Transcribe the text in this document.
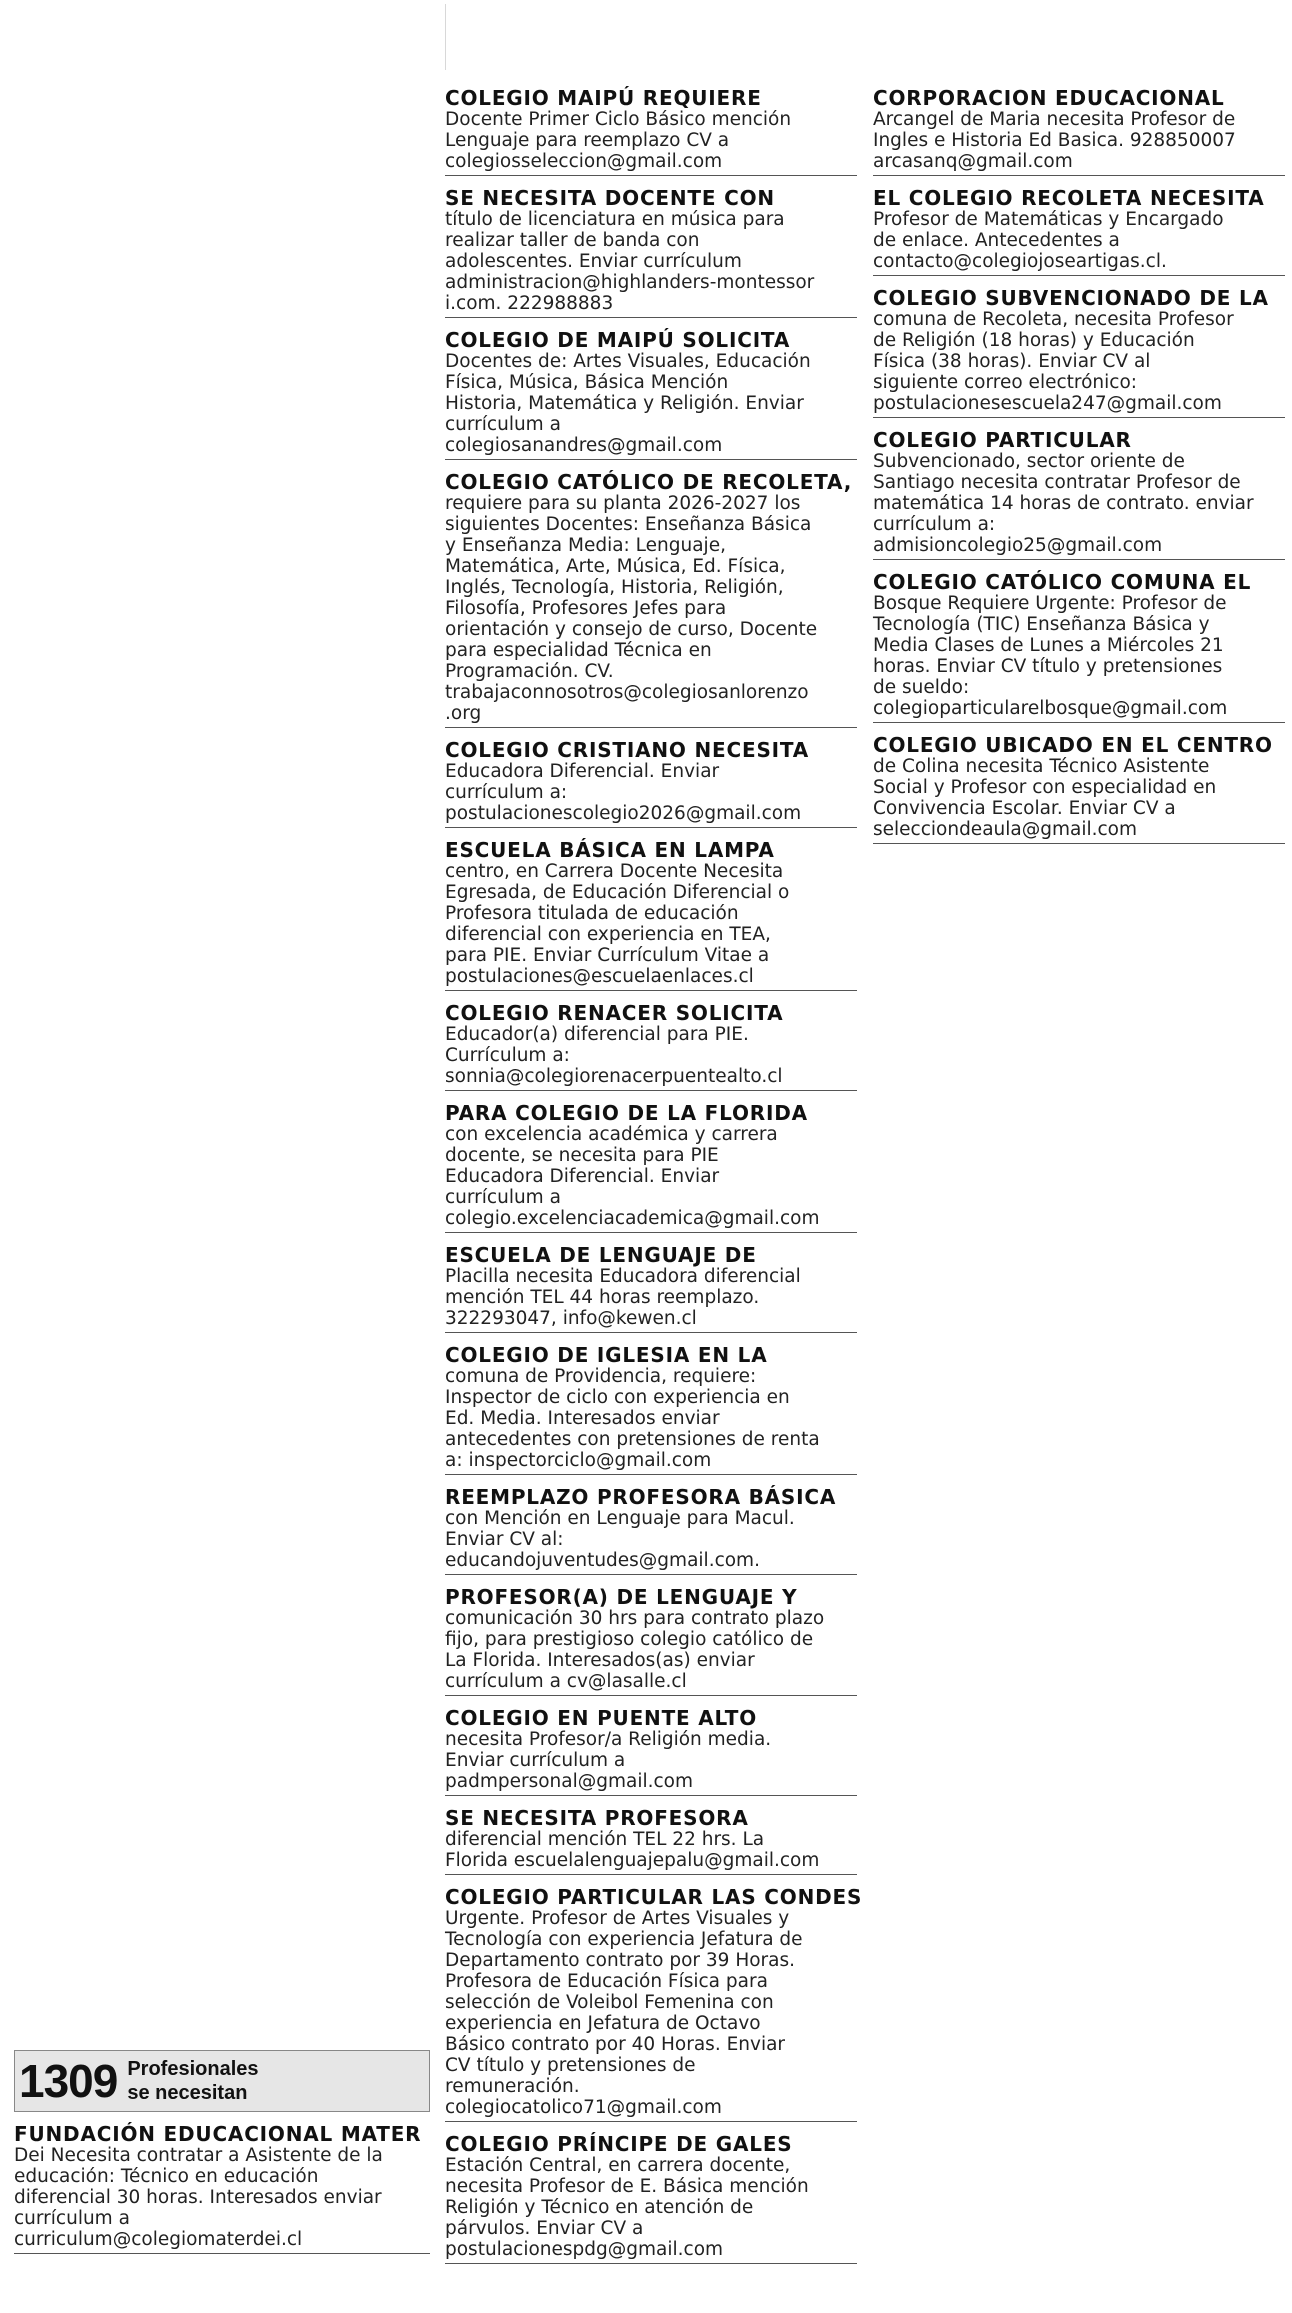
1309 Profesionales
se necesitan
FUNDACIÓN EDUCACIONAL MATER
Dei Necesita contratar a Asistente de la
educación: Técnico en educación
diferencial 30 horas. Interesados enviar
currículum a
curriculum@colegiomaterdei.cl
COLEGIO MAIPÚ REQUIERE
Docente Primer Ciclo Básico mención
Lenguaje para reemplazo CV a
colegiosseleccion@gmail.com
SE NECESITA DOCENTE CON
título de licenciatura en música para
realizar taller de banda con
adolescentes. Enviar currículum
administracion@highlanders-montessor
i.com. 222988883
COLEGIO DE MAIPÚ SOLICITA
Docentes de: Artes Visuales, Educación
Física, Música, Básica Mención
Historia, Matemática y Religión. Enviar
currículum a
colegiosanandres@gmail.com
COLEGIO CATÓLICO DE RECOLETA,
requiere para su planta 2026-2027 los
siguientes Docentes: Enseñanza Básica
y Enseñanza Media: Lenguaje,
Matemática, Arte, Música, Ed. Física,
Inglés, Tecnología, Historia, Religión,
Filosofía, Profesores Jefes para
orientación y consejo de curso, Docente
para especialidad Técnica en
Programación. CV.
trabajaconnosotros@colegiosanlorenzo
.org
COLEGIO CRISTIANO NECESITA
Educadora Diferencial. Enviar
currículum a:
postulacionescolegio2026@gmail.com
ESCUELA BÁSICA EN LAMPA
centro, en Carrera Docente Necesita
Egresada, de Educación Diferencial o
Profesora titulada de educación
diferencial con experiencia en TEA,
para PIE. Enviar Currículum Vitae a
postulaciones@escuelaenlaces.cl
COLEGIO RENACER SOLICITA
Educador(a) diferencial para PIE.
Currículum a:
sonnia@colegiorenacerpuentealto.cl
PARA COLEGIO DE LA FLORIDA
con excelencia académica y carrera
docente, se necesita para PIE
Educadora Diferencial. Enviar
currículum a
colegio.excelenciacademica@gmail.com
ESCUELA DE LENGUAJE DE
Placilla necesita Educadora diferencial
mención TEL 44 horas reemplazo.
322293047, info@kewen.cl
COLEGIO DE IGLESIA EN LA
comuna de Providencia, requiere:
Inspector de ciclo con experiencia en
Ed. Media. Interesados enviar
antecedentes con pretensiones de renta
a: inspectorciclo@gmail.com
REEMPLAZO PROFESORA BÁSICA
con Mención en Lenguaje para Macul.
Enviar CV al:
educandojuventudes@gmail.com.
PROFESOR(A) DE LENGUAJE Y
comunicación 30 hrs para contrato plazo
fijo, para prestigioso colegio católico de
La Florida. Interesados(as) enviar
currículum a cv@lasalle.cl
COLEGIO EN PUENTE ALTO
necesita Profesor/a Religión media.
Enviar currículum a
padmpersonal@gmail.com
SE NECESITA PROFESORA
diferencial mención TEL 22 hrs. La
Florida escuelalenguajepalu@gmail.com
COLEGIO PARTICULAR LAS CONDES
Urgente. Profesor de Artes Visuales y
Tecnología con experiencia Jefatura de
Departamento contrato por 39 Horas.
Profesora de Educación Física para
selección de Voleibol Femenina con
experiencia en Jefatura de Octavo
Básico contrato por 40 Horas. Enviar
CV título y pretensiones de
remuneración.
colegiocatolico71@gmail.com
COLEGIO PRÍNCIPE DE GALES
Estación Central, en carrera docente,
necesita Profesor de E. Básica mención
Religión y Técnico en atención de
párvulos. Enviar CV a
postulacionespdg@gmail.com
CORPORACION EDUCACIONAL
Arcangel de Maria necesita Profesor de
Ingles e Historia Ed Basica. 928850007
arcasanq@gmail.com
EL COLEGIO RECOLETA NECESITA
Profesor de Matemáticas y Encargado
de enlace. Antecedentes a
contacto@colegiojoseartigas.cl.
COLEGIO SUBVENCIONADO DE LA
comuna de Recoleta, necesita Profesor
de Religión (18 horas) y Educación
Física (38 horas). Enviar CV al
siguiente correo electrónico:
postulacionesescuela247@gmail.com
COLEGIO PARTICULAR
Subvencionado, sector oriente de
Santiago necesita contratar Profesor de
matemática 14 horas de contrato. enviar
currículum a:
admisioncolegio25@gmail.com
COLEGIO CATÓLICO COMUNA EL
Bosque Requiere Urgente: Profesor de
Tecnología (TIC) Enseñanza Básica y
Media Clases de Lunes a Miércoles 21
horas. Enviar CV título y pretensiones
de sueldo:
colegioparticularelbosque@gmail.com
COLEGIO UBICADO EN EL CENTRO
de Colina necesita Técnico Asistente
Social y Profesor con especialidad en
Convivencia Escolar. Enviar CV a
selecciondeaula@gmail.com
